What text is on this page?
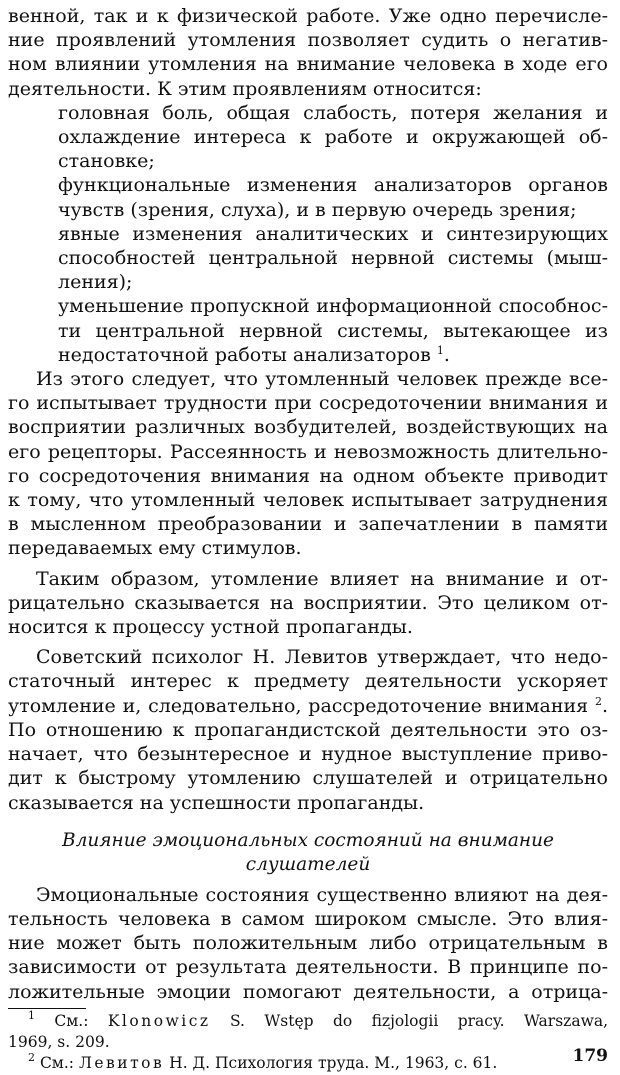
венной, так и к физической работе. Уже одно перечисле-
ние проявлений утомления позволяет судить о негатив-
ном влиянии утомления на внимание человека в ходе его
деятельности. К этим проявлениям относится:
головная боль, общая слабость, потеря желания и
охлаждение интереса к работе и окружающей об-
становке;
функциональные изменения анализаторов органов
чувств (зрения, слуха), и в первую очередь зрения;
явные изменения аналитических и синтезирующих
способностей центральной нервной системы (мыш-
ления);
уменьшение пропускной информационной способнос-
ти центральной нервной системы, вытекающее из
недостаточной работы анализаторов $^1$.
Из этого следует, что утомленный человек прежде все-
го испытывает трудности при сосредоточении внимания и
восприятии различных возбудителей, воздействующих на
его рецепторы. Рассеянность и невозможность длительно-
го сосредоточения внимания на одном объекте приводит
к тому, что утомленный человек испытывает затруднения
в мысленном преобразовании и запечатлении в памяти
передаваемых ему стимулов.
Таким образом, утомление влияет на внимание и от-
рицательно сказывается на восприятии. Это целиком от-
носится к процессу устной пропаганды.
Советский психолог Н. Левитов утверждает, что недо-
статочный интерес к предмету деятельности ускоряет
утомление и, следовательно, рассредоточение внимания $^2$.
По отношению к пропагандистской деятельности это оз-
начает, что безынтересное и нудное выступление приво-
дит к быстрому утомлению слушателей и отрицательно
сказывается на успешности пропаганды.
Влияние эмоциональных состояний на внимание
слушателей
Эмоциональные состояния существенно влияют на дея-
тельность человека в самом широком смысле. Это влия-
ние может быть положительным либо отрицательным в
зависимости от результата деятельности. В принципе по-
ложительные эмоции помогают деятельности, а отрица-
$^1$ См.: Klonowicz S. Wstęp do fizjologii pracy. Warszawa,
1969, s. 209.
$^2$ См.: Левитов Н. Д. Психология труда. М., 1963, с. 61.	179
